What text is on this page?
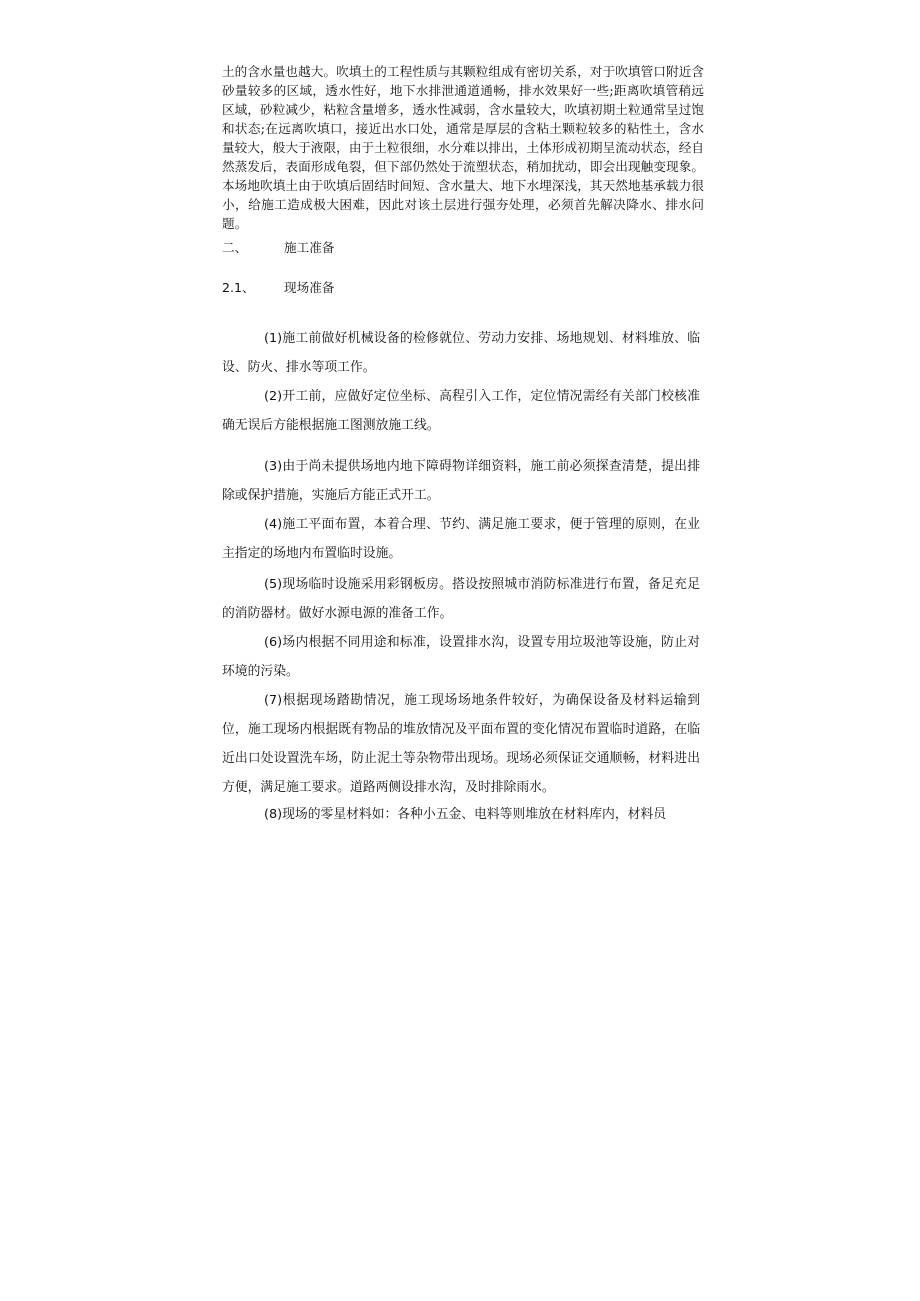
土的含水量也越大。吹填土的工程性质与其颗粒组成有密切关系，对于吹填管口附近含砂量较多的区域，透水性好，地下水排泄通道通畅，排水效果好一些;距离吹填管稍远区域，砂粒减少，粘粒含量增多，透水性减弱，含水量较大，吹填初期土粒通常呈过饱和状态;在远离吹填口，接近出水口处，通常是厚层的含粘土颗粒较多的粘性土，含水量较大，般大于液限，由于土粒很细，水分难以排出，土体形成初期呈流动状态，经自然蒸发后，表面形成龟裂，但下部仍然处于流塑状态，稍加扰动，即会出现触变现象。本场地吹填土由于吹填后固结时间短、含水量大、地下水埋深浅，其天然地基承载力很小，给施工造成极大困难，因此对该土层进行强夯处理，必须首先解决降水、排水问题。

二、	施工准备
2.1、 现场准备

(1)施工前做好机械设备的检修就位、劳动力安排、场地规划、材料堆放、临设、防火、排水等项工作。

(2)开工前，应做好定位坐标、高程引入工作，定位情况需经有关部门校核准确无误后方能根据施工图测放施工线。

(3)由于尚未提供场地内地下障碍物详细资料，施工前必须探查清楚，提出排除或保护措施，实施后方能正式开工。

(4)施工平面布置，本着合理、节约、满足施工要求，便于管理的原则，在业主指定的场地内布置临时设施。

(5)现场临时设施采用彩钢板房。搭设按照城市消防标准进行布置，备足充足的消防器材。做好水源电源的准备工作。

(6)场内根据不同用途和标准，设置排水沟，设置专用垃圾池等设施，防止对环境的污染。

(7)根据现场踏勘情况，施工现场场地条件较好，为确保设备及材料运输到位，施工现场内根据既有物品的堆放情况及平面布置的变化情况布置临时道路，在临近出口处设置洗车场，防止泥土等杂物带出现场。现场必须保证交通顺畅，材料进出方便，满足施工要求。道路两侧设排水沟，及时排除雨水。

(8)现场的零星材料如：各种小五金、电料等则堆放在材料库内，材料员
